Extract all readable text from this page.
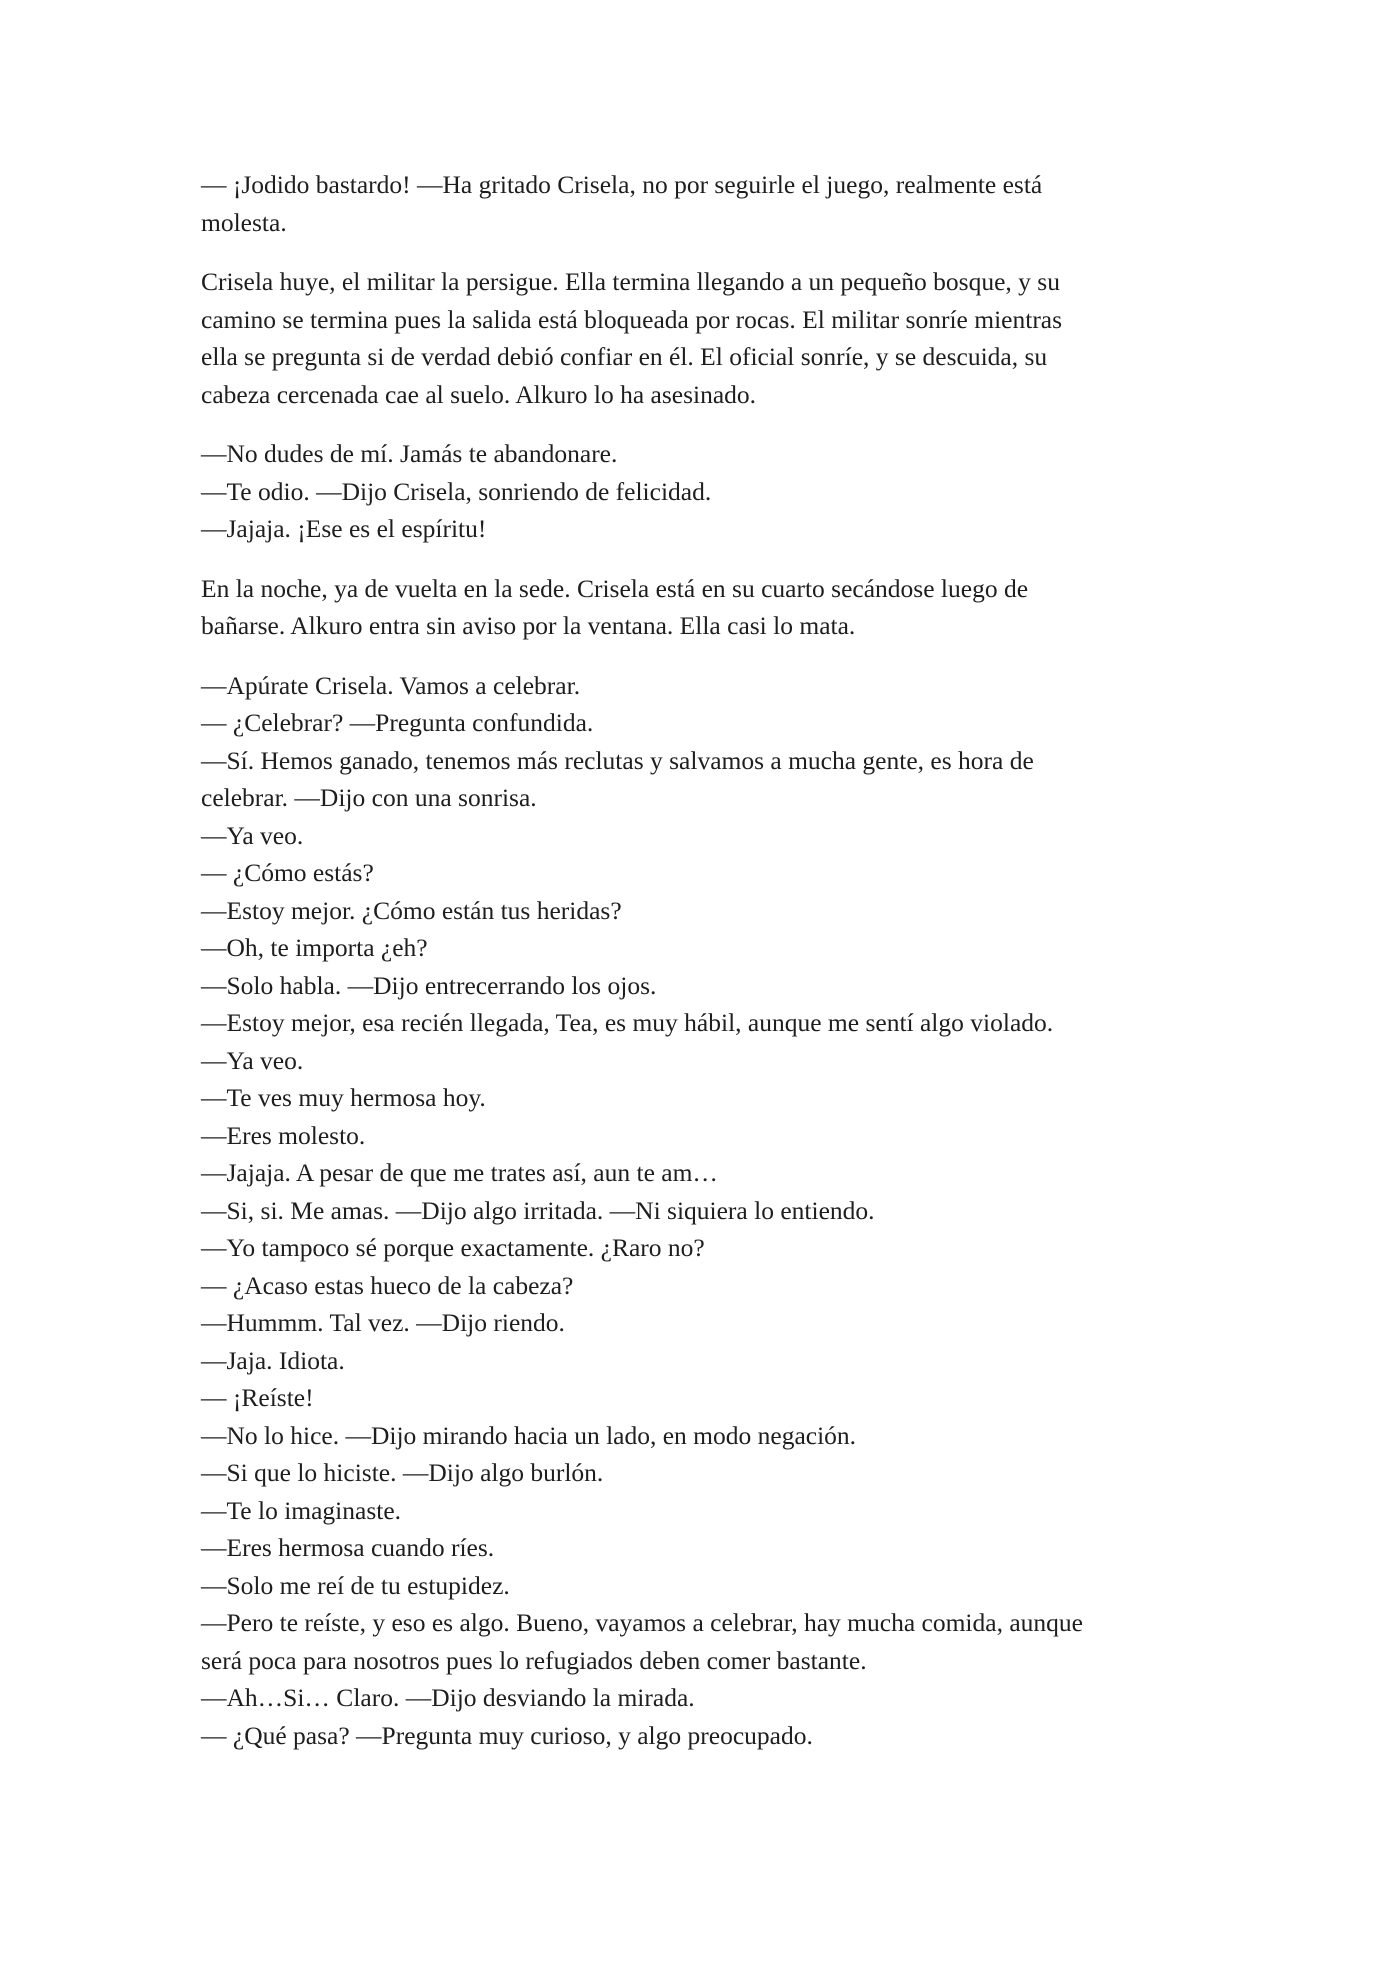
— ¡Jodido bastardo! —Ha gritado Crisela, no por seguirle el juego, realmente está
molesta.

Crisela huye, el militar la persigue. Ella termina llegando a un pequeño bosque, y su
camino se termina pues la salida está bloqueada por rocas. El militar sonríe mientras
ella se pregunta si de verdad debió confiar en él. El oficial sonríe, y se descuida, su
cabeza cercenada cae al suelo. Alkuro lo ha asesinado.

—No dudes de mí. Jamás te abandonare.
—Te odio. —Dijo Crisela, sonriendo de felicidad.
—Jajaja. ¡Ese es el espíritu!

En la noche, ya de vuelta en la sede. Crisela está en su cuarto secándose luego de
bañarse. Alkuro entra sin aviso por la ventana. Ella casi lo mata.

—Apúrate Crisela. Vamos a celebrar.
— ¿Celebrar? —Pregunta confundida.
—Sí. Hemos ganado, tenemos más reclutas y salvamos a mucha gente, es hora de
celebrar. —Dijo con una sonrisa.
—Ya veo.
— ¿Cómo estás?
—Estoy mejor. ¿Cómo están tus heridas?
—Oh, te importa ¿eh?
—Solo habla. —Dijo entrecerrando los ojos.
—Estoy mejor, esa recién llegada, Tea, es muy hábil, aunque me sentí algo violado.
—Ya veo.
—Te ves muy hermosa hoy.
—Eres molesto.
—Jajaja. A pesar de que me trates así, aun te am…
—Si, si. Me amas. —Dijo algo irritada. —Ni siquiera lo entiendo.
—Yo tampoco sé porque exactamente. ¿Raro no?
— ¿Acaso estas hueco de la cabeza?
—Hummm. Tal vez. —Dijo riendo.
—Jaja. Idiota.
— ¡Reíste!
—No lo hice. —Dijo mirando hacia un lado, en modo negación.
—Si que lo hiciste. —Dijo algo burlón.
—Te lo imaginaste.
—Eres hermosa cuando ríes.
—Solo me reí de tu estupidez.
—Pero te reíste, y eso es algo. Bueno, vayamos a celebrar, hay mucha comida, aunque
será poca para nosotros pues lo refugiados deben comer bastante.
—Ah…Si… Claro. —Dijo desviando la mirada.
— ¿Qué pasa? —Pregunta muy curioso, y algo preocupado.
